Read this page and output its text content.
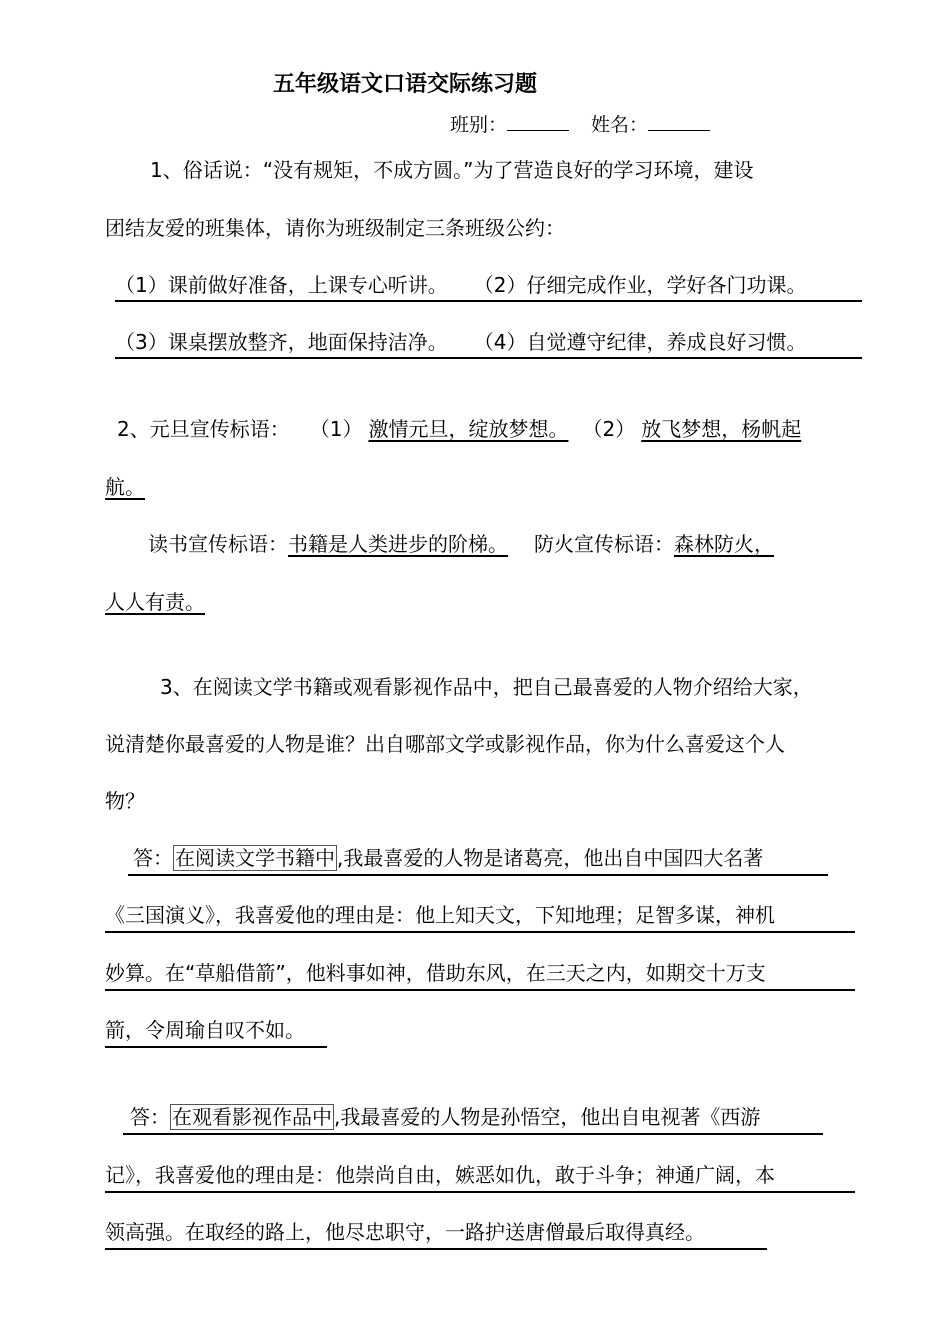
五年级语文口语交际练习题
班别：	姓名：
1、俗话说：“没有规矩，不成方圆。”为了营造良好的学习环境，建设
团结友爱的班集体，请你为班级制定三条班级公约：
（1）课前做好准备，上课专心听讲。 （2）仔细完成作业，学好各门功课。
（3）课桌摆放整齐，地面保持洁净。 （4）自觉遵守纪律，养成良好习惯。
2、元旦宣传标语： （1） 激情元旦，绽放梦想。 （2） 放飞梦想，杨帆起
航。
读书宣传标语：书籍是人类进步的阶梯。 防火宣传标语：森林防火，
人人有责。
3、在阅读文学书籍或观看影视作品中，把自己最喜爱的人物介绍给大家，
说清楚你最喜爱的人物是谁？出自哪部文学或影视作品，你为什么喜爱这个人
物？
答： 在阅读文学书籍中 ,我最喜爱的人物是诸葛亮，他出自中国四大名著
《三国演义》，我喜爱他的理由是：他上知天文，下知地理；足智多谋，神机
妙算。在“草船借箭”，他料事如神，借助东风，在三天之内，如期交十万支
箭，令周瑜自叹不如。
答： 在观看影视作品中 ,我最喜爱的人物是孙悟空，他出自电视著《西游
记》，我喜爱他的理由是：他崇尚自由，嫉恶如仇，敢于斗争；神通广阔，本
领高强。在取经的路上，他尽忠职守，一路护送唐僧最后取得真经。
